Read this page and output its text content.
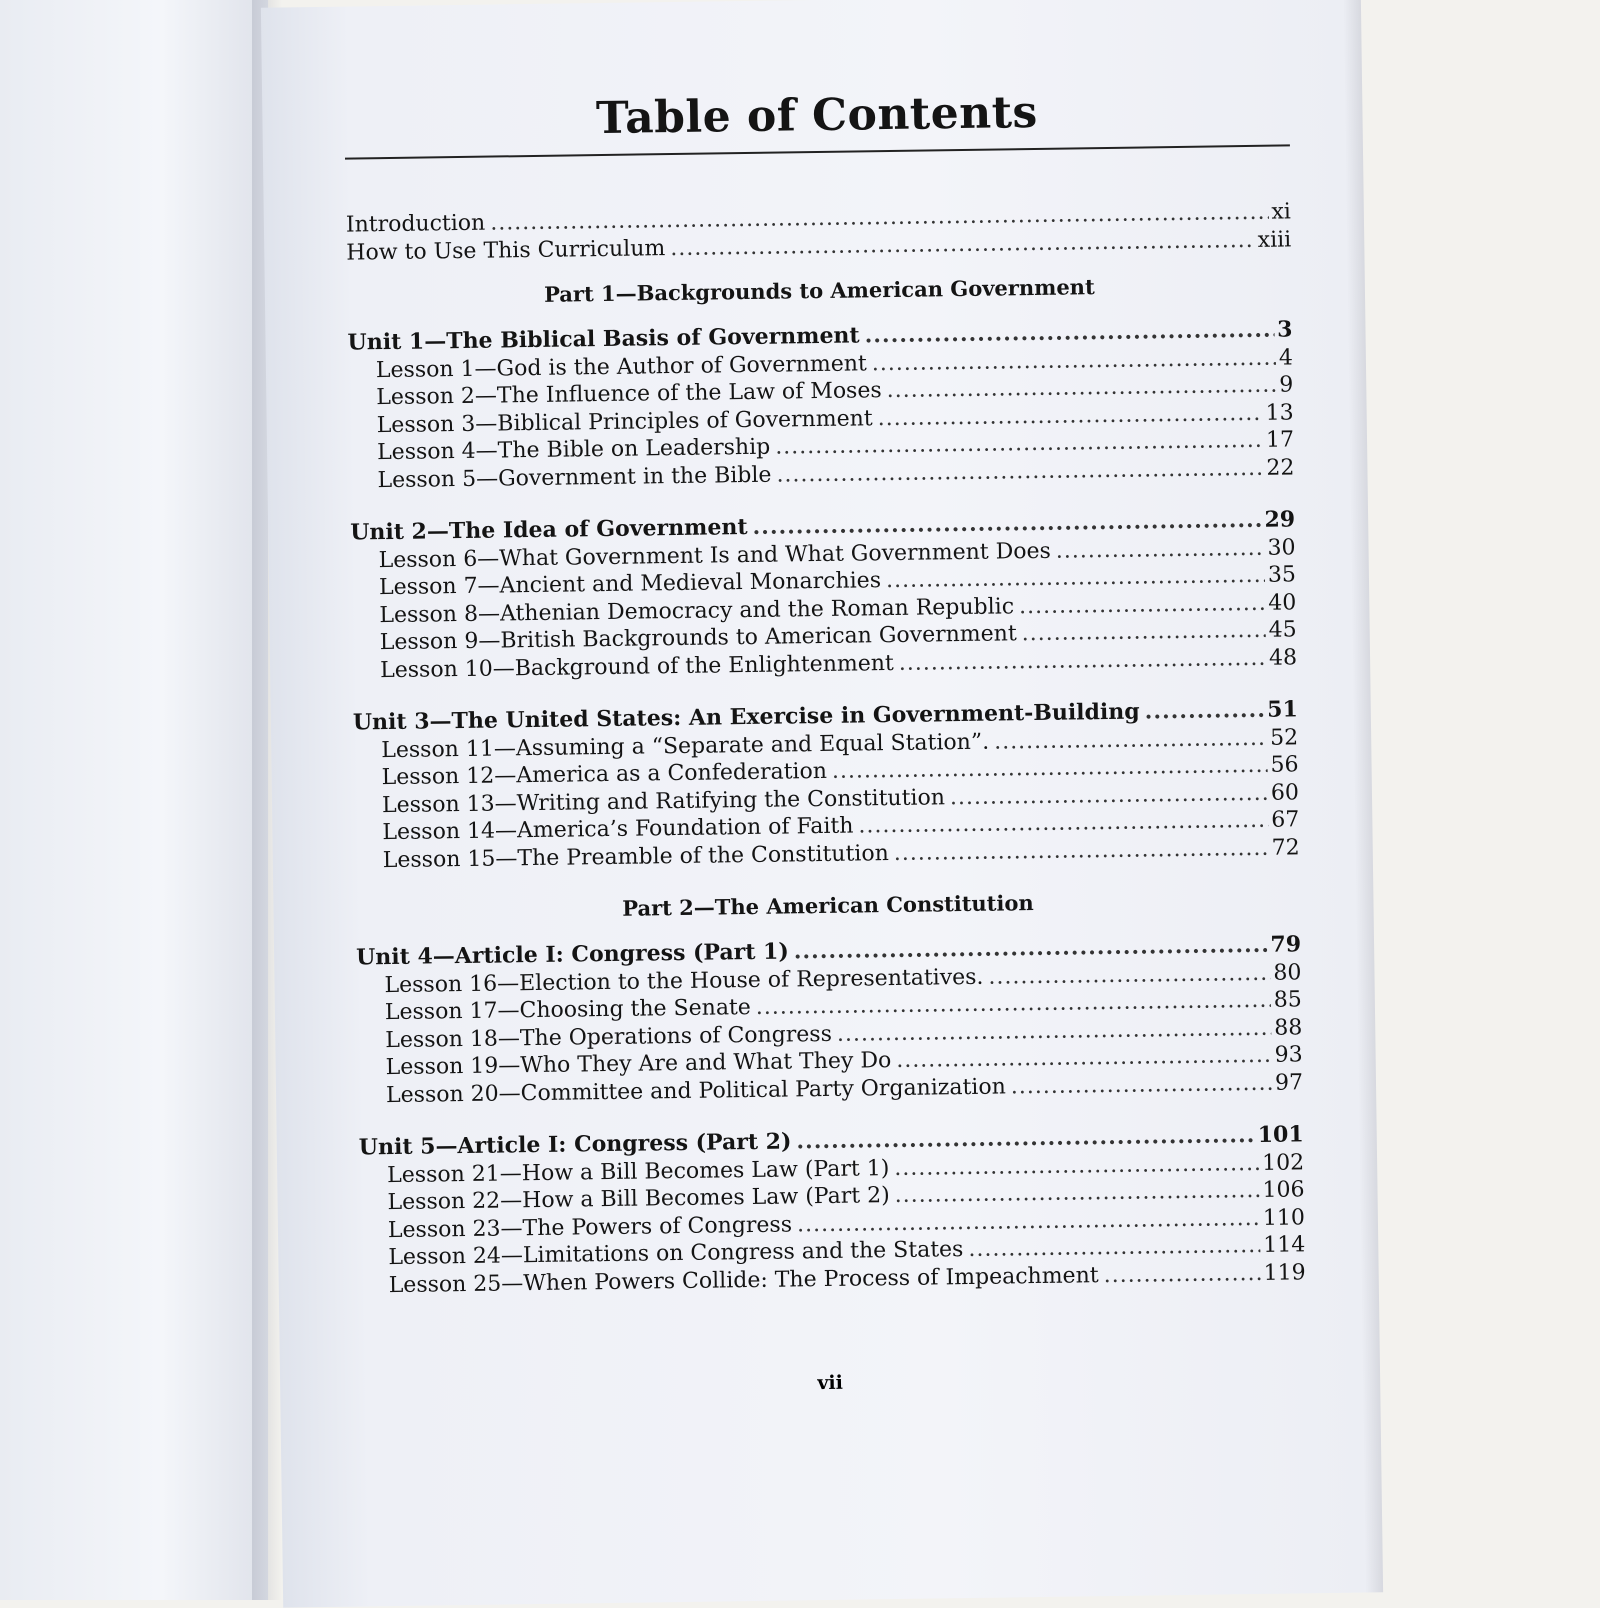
Table of Contents
Introduction .....	xi
How to Use This Curriculum .....	xiii
Part 1—Backgrounds to American Government
Unit 1—The Biblical Basis of Government .....	3
Lesson 1—God is the Author of Government .....	4
Lesson 2—The Influence of the Law of Moses .....	9
Lesson 3—Biblical Principles of Government .....	13
Lesson 4—The Bible on Leadership .....	17
Lesson 5—Government in the Bible .....	22
Unit 2—The Idea of Government .....	29
Lesson 6—What Government Is and What Government Does .....	30
Lesson 7—Ancient and Medieval Monarchies .....	35
Lesson 8—Athenian Democracy and the Roman Republic .....	40
Lesson 9—British Backgrounds to American Government .....	45
Lesson 10—Background of the Enlightenment .....	48
Unit 3—The United States: An Exercise in Government-Building .....	51
Lesson 11—Assuming a “Separate and Equal Station”. .....	52
Lesson 12—America as a Confederation .....	56
Lesson 13—Writing and Ratifying the Constitution .....	60
Lesson 14—America’s Foundation of Faith .....	67
Lesson 15—The Preamble of the Constitution .....	72
Part 2—The American Constitution
Unit 4—Article I: Congress (Part 1) .....	79
Lesson 16—Election to the House of Representatives. .....	80
Lesson 17—Choosing the Senate .....	85
Lesson 18—The Operations of Congress .....	88
Lesson 19—Who They Are and What They Do .....	93
Lesson 20—Committee and Political Party Organization .....	97
Unit 5—Article I: Congress (Part 2) .....	101
Lesson 21—How a Bill Becomes Law (Part 1) .....	102
Lesson 22—How a Bill Becomes Law (Part 2) .....	106
Lesson 23—The Powers of Congress .....	110
Lesson 24—Limitations on Congress and the States .....	114
Lesson 25—When Powers Collide: The Process of Impeachment .....	119
vii
